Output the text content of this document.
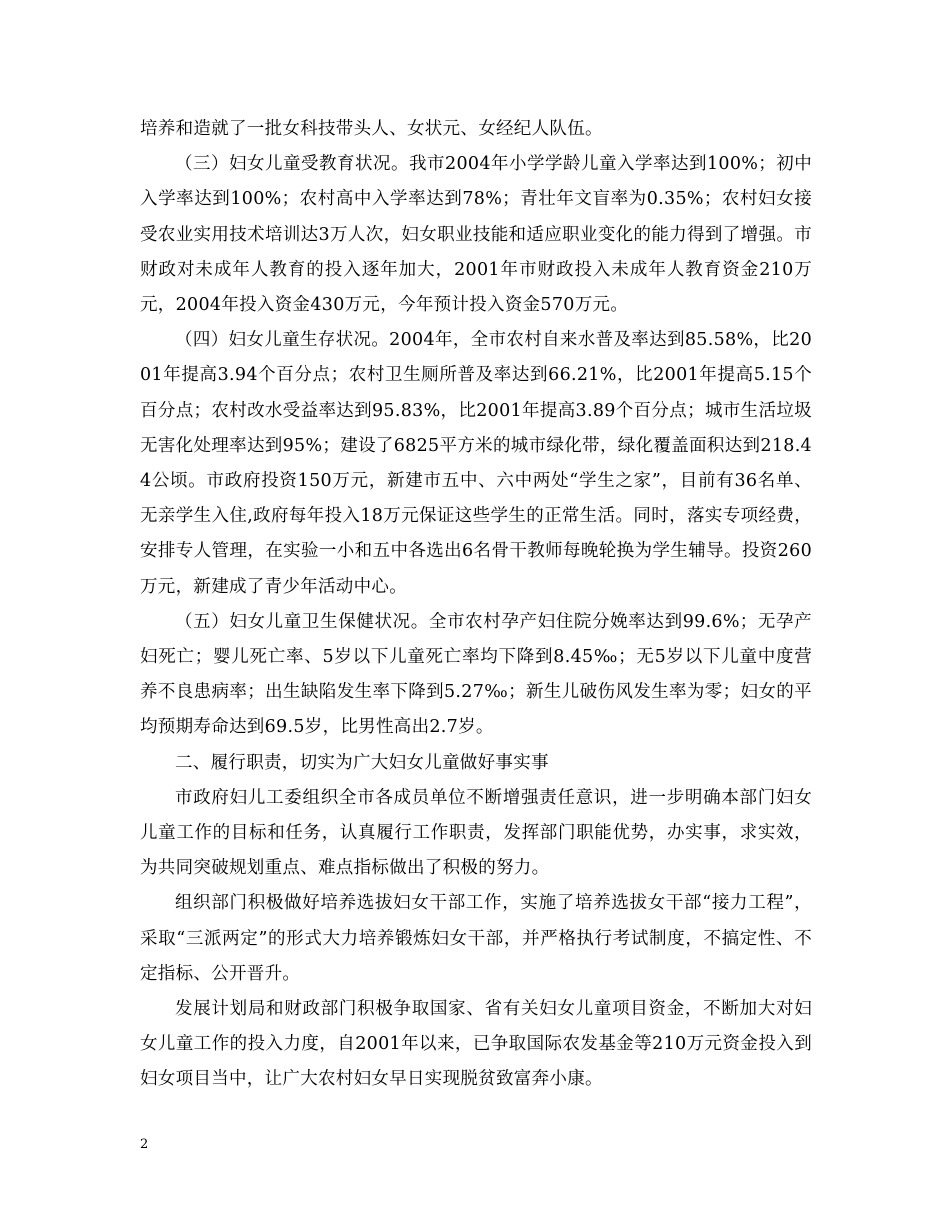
培养和造就了一批女科技带头人、女状元、女经纪人队伍。

（三）妇女儿童受教育状况。我市2004年小学学龄儿童入学率达到100%；初中入学率达到100%；农村高中入学率达到78%；青壮年文盲率为0.35%；农村妇女接受农业实用技术培训达3万人次，妇女职业技能和适应职业变化的能力得到了增强。市财政对未成年人教育的投入逐年加大，2001年市财政投入未成年人教育资金210万元，2004年投入资金430万元，今年预计投入资金570万元。

（四）妇女儿童生存状况。2004年，全市农村自来水普及率达到85.58%，比2001年提高3.94个百分点；农村卫生厕所普及率达到66.21%，比2001年提高5.15个百分点；农村改水受益率达到95.83%，比2001年提高3.89个百分点；城市生活垃圾无害化处理率达到95%；建设了6825平方米的城市绿化带，绿化覆盖面积达到218.44公顷。市政府投资150万元，新建市五中、六中两处“学生之家”，目前有36名单、无亲学生入住,政府每年投入18万元保证这些学生的正常生活。同时，落实专项经费，安排专人管理，在实验一小和五中各选出6名骨干教师每晚轮换为学生辅导。投资260万元，新建成了青少年活动中心。

（五）妇女儿童卫生保健状况。全市农村孕产妇住院分娩率达到99.6%；无孕产妇死亡；婴儿死亡率、5岁以下儿童死亡率均下降到8.45‰；无5岁以下儿童中度营养不良患病率；出生缺陷发生率下降到5.27‰；新生儿破伤风发生率为零；妇女的平均预期寿命达到69.5岁，比男性高出2.7岁。

二、履行职责，切实为广大妇女儿童做好事实事

市政府妇儿工委组织全市各成员单位不断增强责任意识，进一步明确本部门妇女儿童工作的目标和任务，认真履行工作职责，发挥部门职能优势，办实事，求实效，为共同突破规划重点、难点指标做出了积极的努力。

组织部门积极做好培养选拔妇女干部工作，实施了培养选拔女干部“接力工程”，采取“三派两定”的形式大力培养锻炼妇女干部，并严格执行考试制度，不搞定性、不定指标、公开晋升。

发展计划局和财政部门积极争取国家、省有关妇女儿童项目资金，不断加大对妇女儿童工作的投入力度，自2001年以来，已争取国际农发基金等210万元资金投入到妇女项目当中，让广大农村妇女早日实现脱贫致富奔小康。

2
